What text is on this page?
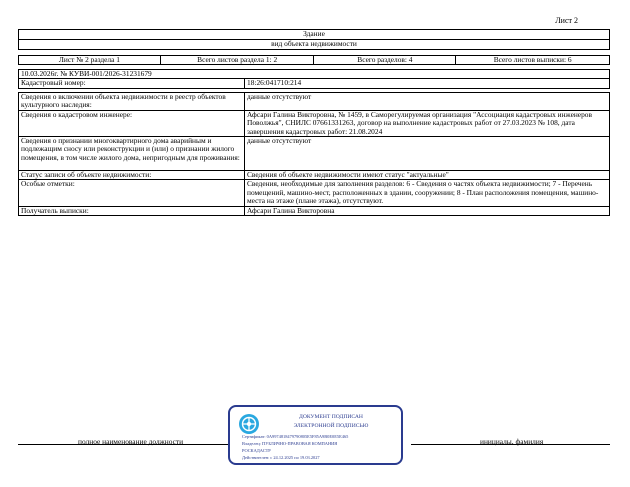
Лист 2
Здание
вид объекта недвижимости
Лист № 2 раздела 1	Всего листов раздела 1: 2	Всего разделов: 4	Всего листов выписки: 6
10.03.2026г. № КУВИ-001/2026-31231679
Кадастровый номер:	18:26:041710:214
Сведения о включении объекта недвижимости в реестр объектов культурного наследия:	данные отсутствуют
Сведения о кадастровом инженере:	Афсари Галина Викторовна, № 1459, в Саморегулируемая организация "Ассоциация кадастровых инженеров Поволжья", СНИЛС 07661331263, договор на выполнение кадастровых работ от 27.03.2023 № 108, дата завершения кадастровых работ: 21.08.2024
Сведения о признании многоквартирного дома аварийным и подлежащим сносу или реконструкции и (или) о признании жилого помещения, в том числе жилого дома, непригодным для проживания:	данные отсутствуют
Статус записи об объекте недвижимости:	Сведения об объекте недвижимости имеют статус "актуальные"
Особые отметки:	Сведения, необходимые для заполнения разделов: 6 - Сведения о частях объекта недвижимости; 7 - Перечень помещений, машино-мест, расположенных в здании, сооружении; 8 - План расположения помещения, машино-места на этаже (плане этажа), отсутствуют.
Получатель выписки:	Афсари Галина Викторовна
полное наименование должности	инициалы, фамилия
ДОКУМЕНТ ПОДПИСАН
ЭЛЕКТРОННОЙ ПОДПИСЬЮ
Сертификат: 0A9974818479790805E5F85A9B0E0E5E465
Владелец: ПУБЛИЧНО-ПРАВОВАЯ КОМПАНИЯ
РОСКАДАСТР
Действителен: с 24.12.2025 по 19.03.2027
